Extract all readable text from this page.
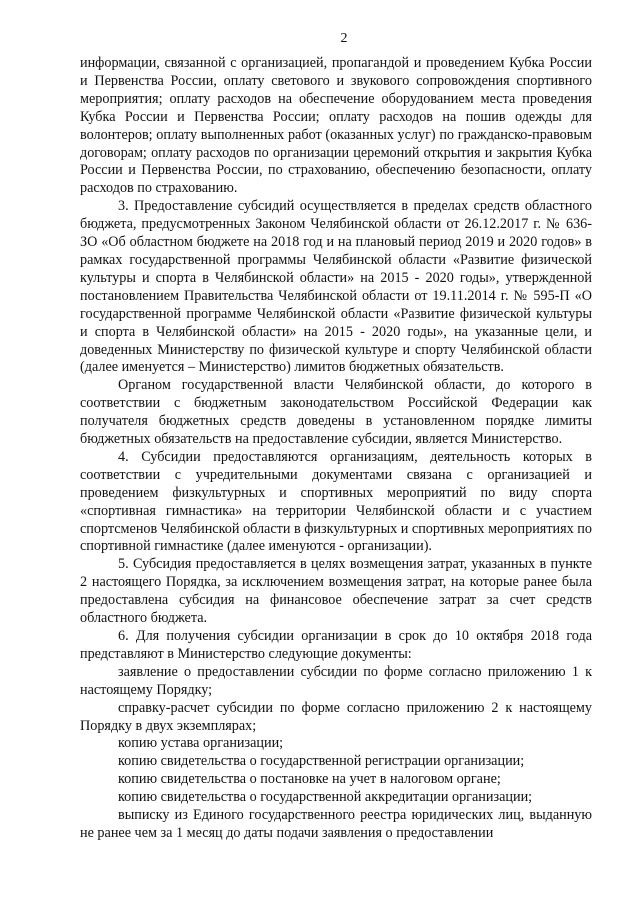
2

информации, связанной с организацией, пропагандой и проведением Кубка России и Первенства России, оплату светового и звукового сопровождения спортивного мероприятия; оплату расходов на обеспечение оборудованием места проведения Кубка России и Первенства России; оплату расходов на пошив одежды для волонтеров; оплату выполненных работ (оказанных услуг) по гражданско-правовым договорам; оплату расходов по организации церемоний открытия и закрытия Кубка России и Первенства России, по страхованию, обеспечению безопасности, оплату расходов по страхованию.

3. Предоставление субсидий осуществляется в пределах средств областного бюджета, предусмотренных Законом Челябинской области от 26.12.2017 г. № 636-ЗО «Об областном бюджете на 2018 год и на плановый период 2019 и 2020 годов» в рамках государственной программы Челябинской области «Развитие физической культуры и спорта в Челябинской области» на 2015 - 2020 годы», утвержденной постановлением Правительства Челябинской области от 19.11.2014 г. № 595-П «О государственной программе Челябинской области «Развитие физической культуры и спорта в Челябинской области» на 2015 - 2020 годы», на указанные цели, и доведенных Министерству по физической культуре и спорту Челябинской области (далее именуется – Министерство) лимитов бюджетных обязательств.

Органом государственной власти Челябинской области, до которого в соответствии с бюджетным законодательством Российской Федерации как получателя бюджетных средств доведены в установленном порядке лимиты бюджетных обязательств на предоставление субсидии, является Министерство.

4. Субсидии предоставляются организациям, деятельность которых в соответствии с учредительными документами связана с организацией и проведением физкультурных и спортивных мероприятий по виду спорта «спортивная гимнастика» на территории Челябинской области и с участием спортсменов Челябинской области в физкультурных и спортивных мероприятиях по спортивной гимнастике (далее именуются - организации).

5. Субсидия предоставляется в целях возмещения затрат, указанных в пункте 2 настоящего Порядка, за исключением возмещения затрат, на которые ранее была предоставлена субсидия на финансовое обеспечение затрат за счет средств областного бюджета.

6. Для получения субсидии организации в срок до 10 октября 2018 года представляют в Министерство следующие документы:

заявление о предоставлении субсидии по форме согласно приложению 1 к настоящему Порядку;

справку-расчет субсидии по форме согласно приложению 2 к настоящему Порядку в двух экземплярах;

копию устава организации;

копию свидетельства о государственной регистрации организации;

копию свидетельства о постановке на учет в налоговом органе;

копию свидетельства о государственной аккредитации организации;

выписку из Единого государственного реестра юридических лиц, выданную не ранее чем за 1 месяц до даты подачи заявления о предоставлении
